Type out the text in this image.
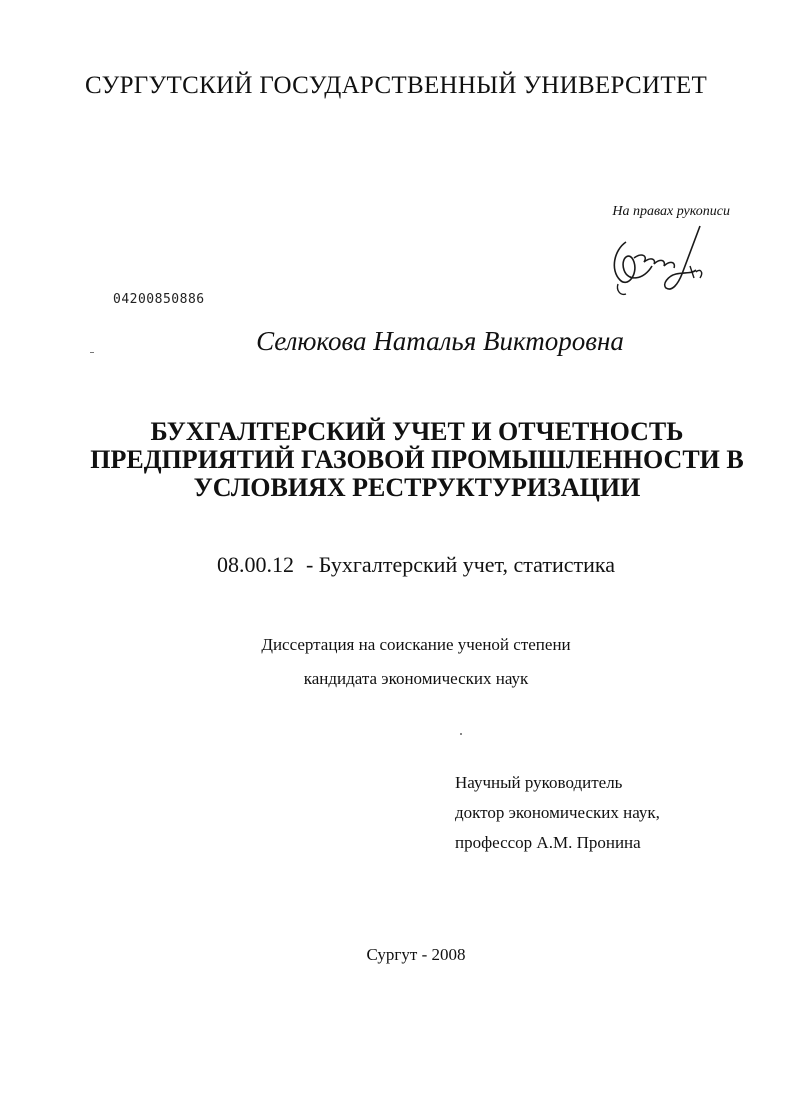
СУРГУТСКИЙ ГОСУДАРСТВЕННЫЙ УНИВЕРСИТЕТ
На правах рукописи
04200850886
Селюкова Наталья Викторовна
БУХГАЛТЕРСКИЙ УЧЕТ И ОТЧЕТНОСТЬ
ПРЕДПРИЯТИЙ ГАЗОВОЙ ПРОМЫШЛЕННОСТИ В
УСЛОВИЯХ РЕСТРУКТУРИЗАЦИИ
08.00.12 - Бухгалтерский учет, статистика
Диссертация на соискание ученой степени
кандидата экономических наук
Научный руководитель
доктор экономических наук,
профессор А.М. Пронина
Сургут - 2008
